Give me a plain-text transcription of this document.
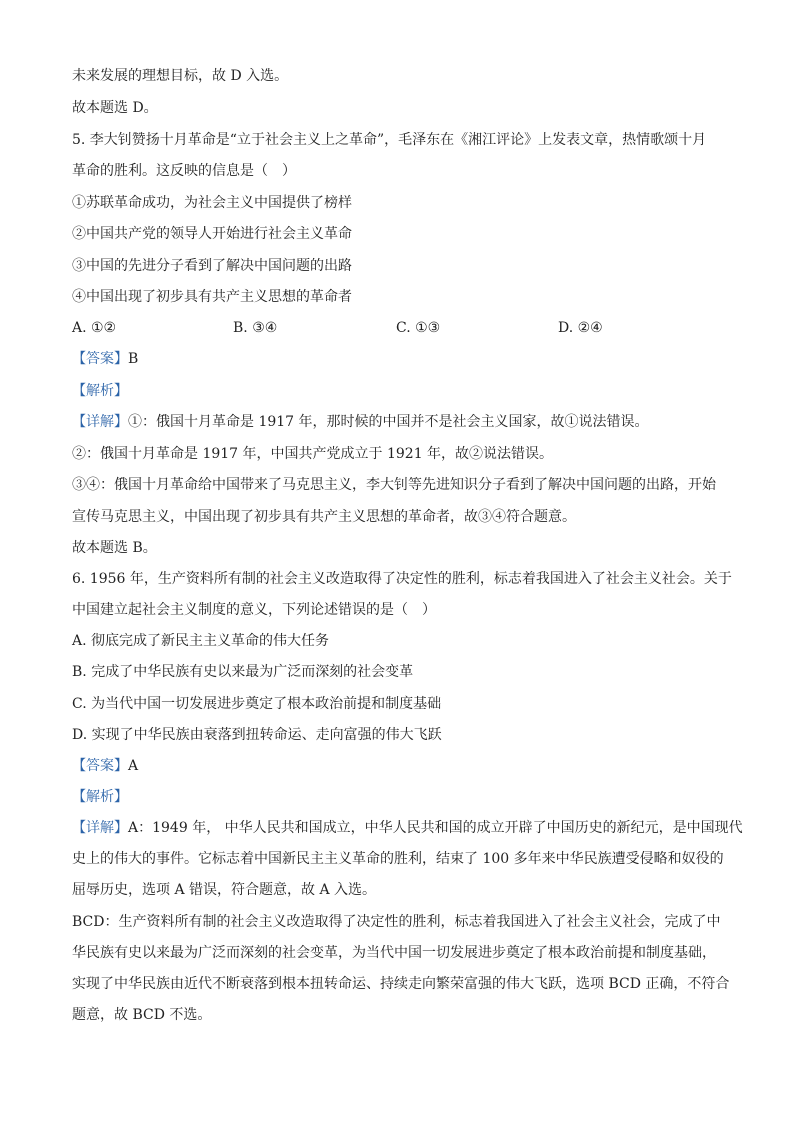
未来发展的理想目标，故 D 入选。
故本题选 D。
5. 李大钊赞扬十月革命是“立于社会主义上之革命”，毛泽东在《湘江评论》上发表文章，热情歌颂十月
革命的胜利。这反映的信息是（　）
①苏联革命成功，为社会主义中国提供了榜样
②中国共产党的领导人开始进行社会主义革命
③中国的先进分子看到了解决中国问题的出路
④中国出现了初步具有共产主义思想的革命者
A. ①②	B. ③④	C. ①③	D. ②④
【答案】B
【解析】
【详解】①：俄国十月革命是 1917 年，那时候的中国并不是社会主义国家，故①说法错误。
②：俄国十月革命是 1917 年，中国共产党成立于 1921 年，故②说法错误。
③④：俄国十月革命给中国带来了马克思主义，李大钊等先进知识分子看到了解决中国问题的出路，开始
宣传马克思主义，中国出现了初步具有共产主义思想的革命者，故③④符合题意。
故本题选 B。
6. 1956 年，生产资料所有制的社会主义改造取得了决定性的胜利，标志着我国进入了社会主义社会。关于
中国建立起社会主义制度的意义，下列论述错误的是（　）
A. 彻底完成了新民主主义革命的伟大任务
B. 完成了中华民族有史以来最为广泛而深刻的社会变革
C. 为当代中国一切发展进步奠定了根本政治前提和制度基础
D. 实现了中华民族由衰落到扭转命运、走向富强的伟大飞跃
【答案】A
【解析】
【详解】A：1949 年， 中华人民共和国成立，中华人民共和国的成立开辟了中国历史的新纪元，是中国现代
史上的伟大的事件。它标志着中国新民主主义革命的胜利，结束了 100 多年来中华民族遭受侵略和奴役的
屈辱历史，选项 A 错误，符合题意，故 A 入选。
BCD：生产资料所有制的社会主义改造取得了决定性的胜利，标志着我国进入了社会主义社会，完成了中
华民族有史以来最为广泛而深刻的社会变革，为当代中国一切发展进步奠定了根本政治前提和制度基础，
实现了中华民族由近代不断衰落到根本扭转命运、持续走向繁荣富强的伟大飞跃，选项 BCD 正确，不符合
题意，故 BCD 不选。
